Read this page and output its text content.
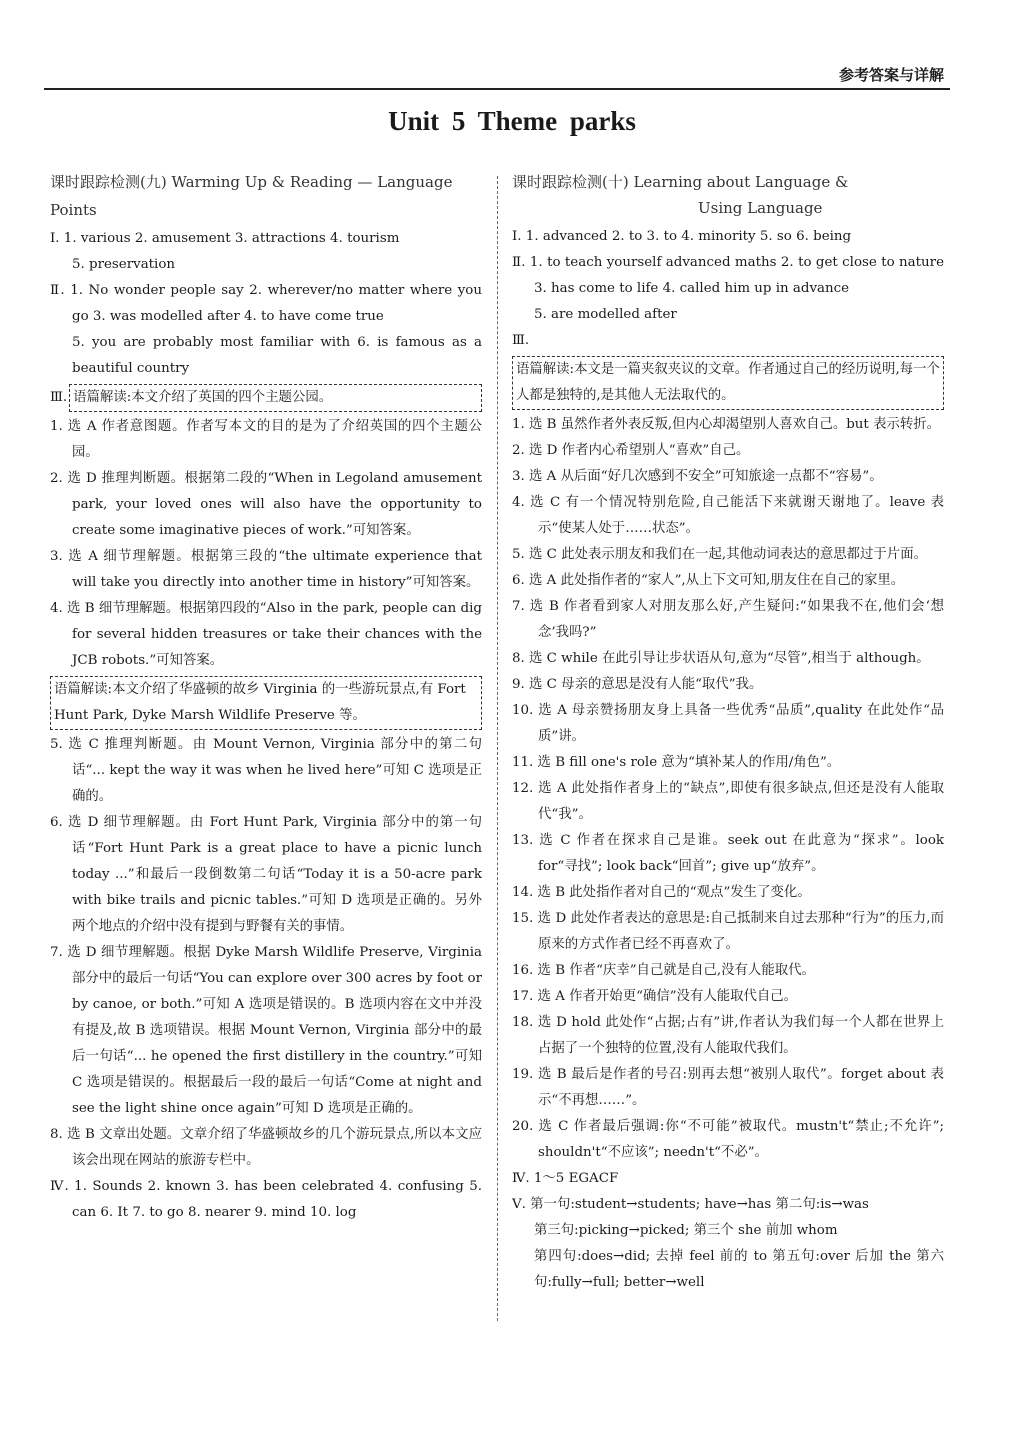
参考答案与详解
Unit 5 Theme parks
课时跟踪检测(九) Warming Up & Reading — Language Points

Ⅰ. 1. various 2. amusement 3. attractions 4. tourism

5. preservation

Ⅱ. 1. No wonder people say 2. wherever/no matter where you go 3. was modelled after 4. to have come true

5. you are probably most familiar with 6. is famous as a beautiful country

Ⅲ. 语篇解读:本文介绍了英国的四个主题公园。

1. 选 A 作者意图题。作者写本文的目的是为了介绍英国的四个主题公园。

2. 选 D 推理判断题。根据第二段的“When in Legoland amusement park, your loved ones will also have the opportunity to create some imaginative pieces of work.”可知答案。

3. 选 A 细节理解题。根据第三段的“the ultimate experience that will take you directly into another time in history”可知答案。

4. 选 B 细节理解题。根据第四段的“Also in the park, people can dig for several hidden treasures or take their chances with the JCB robots.”可知答案。

语篇解读:本文介绍了华盛顿的故乡 Virginia 的一些游玩景点,有 Fort Hunt Park, Dyke Marsh Wildlife Preserve 等。

5. 选 C 推理判断题。由 Mount Vernon, Virginia 部分中的第二句话“... kept the way it was when he lived here”可知 C 选项是正确的。

6. 选 D 细节理解题。由 Fort Hunt Park, Virginia 部分中的第一句话“Fort Hunt Park is a great place to have a picnic lunch today ...”和最后一段倒数第二句话“Today it is a 50-acre park with bike trails and picnic tables.”可知 D 选项是正确的。另外两个地点的介绍中没有提到与野餐有关的事情。

7. 选 D 细节理解题。根据 Dyke Marsh Wildlife Preserve, Virginia 部分中的最后一句话“You can explore over 300 acres by foot or by canoe, or both.”可知 A 选项是错误的。B 选项内容在文中并没有提及,故 B 选项错误。根据 Mount Vernon, Virginia 部分中的最后一句话“... he opened the first distillery in the country.”可知 C 选项是错误的。根据最后一段的最后一句话“Come at night and see the light shine once again”可知 D 选项是正确的。

8. 选 B 文章出处题。文章介绍了华盛顿故乡的几个游玩景点,所以本文应该会出现在网站的旅游专栏中。

Ⅳ. 1. Sounds 2. known 3. has been celebrated 4. confusing 5. can 6. It 7. to go 8. nearer 9. mind 10. log

课时跟踪检测(十) Learning about Language &
Using Language

Ⅰ. 1. advanced 2. to 3. to 4. minority 5. so 6. being

Ⅱ. 1. to teach yourself advanced maths 2. to get close to nature 3. has come to life 4. called him up in advance

5. are modelled after

Ⅲ.

语篇解读:本文是一篇夹叙夹议的文章。作者通过自己的经历说明,每一个人都是独特的,是其他人无法取代的。

1. 选 B 虽然作者外表反叛,但内心却渴望别人喜欢自己。but 表示转折。

2. 选 D 作者内心希望别人“喜欢”自己。

3. 选 A 从后面“好几次感到不安全”可知旅途一点都不“容易”。

4. 选 C 有一个情况特别危险,自己能活下来就谢天谢地了。leave 表示“使某人处于……状态”。

5. 选 C 此处表示朋友和我们在一起,其他动词表达的意思都过于片面。

6. 选 A 此处指作者的“家人”,从上下文可知,朋友住在自己的家里。

7. 选 B 作者看到家人对朋友那么好,产生疑问:“如果我不在,他们会‘想念’我吗?”

8. 选 C while 在此引导让步状语从句,意为“尽管”,相当于 although。

9. 选 C 母亲的意思是没有人能“取代”我。

10. 选 A 母亲赞扬朋友身上具备一些优秀“品质”,quality 在此处作“品质”讲。

11. 选 B fill one's role 意为“填补某人的作用/角色”。

12. 选 A 此处指作者身上的“缺点”,即使有很多缺点,但还是没有人能取代“我”。

13. 选 C 作者在探求自己是谁。seek out 在此意为“探求”。look for“寻找”; look back“回首”; give up“放弃”。

14. 选 B 此处指作者对自己的“观点”发生了变化。

15. 选 D 此处作者表达的意思是:自己抵制来自过去那种“行为”的压力,而原来的方式作者已经不再喜欢了。

16. 选 B 作者“庆幸”自己就是自己,没有人能取代。

17. 选 A 作者开始更“确信”没有人能取代自己。

18. 选 D hold 此处作“占据;占有”讲,作者认为我们每一个人都在世界上占据了一个独特的位置,没有人能取代我们。

19. 选 B 最后是作者的号召:别再去想“被别人取代”。forget about 表示“不再想……”。

20. 选 C 作者最后强调:你“不可能”被取代。mustn't“禁止;不允许”; shouldn't“不应该”; needn't“不必”。

Ⅳ. 1～5 EGACF

Ⅴ. 第一句:student→students; have→has 第二句:is→was

第三句:picking→picked; 第三个 she 前加 whom

第四句:does→did; 去掉 feel 前的 to 第五句:over 后加 the 第六句:fully→full; better→well
